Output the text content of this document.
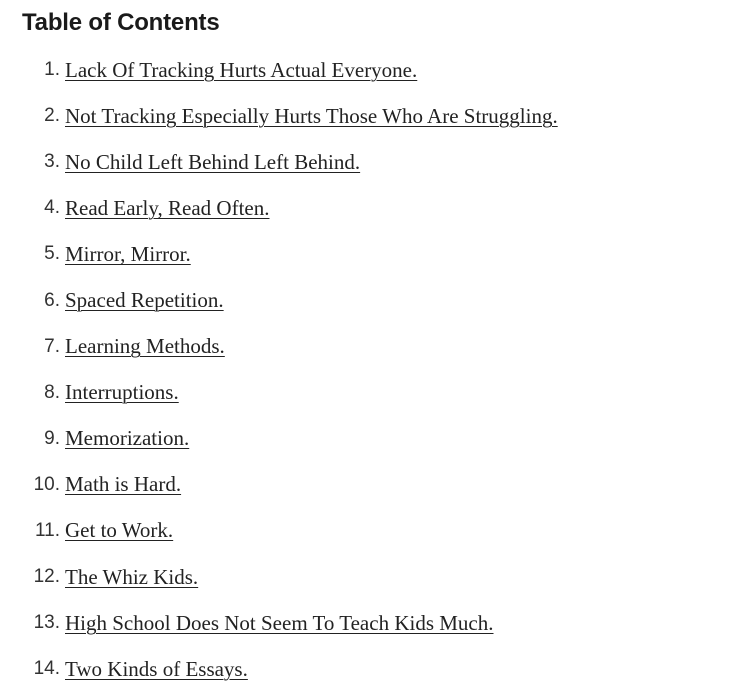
Table of Contents
1. Lack Of Tracking Hurts Actual Everyone.
2. Not Tracking Especially Hurts Those Who Are Struggling.
3. No Child Left Behind Left Behind.
4. Read Early, Read Often.
5. Mirror, Mirror.
6. Spaced Repetition.
7. Learning Methods.
8. Interruptions.
9. Memorization.
10. Math is Hard.
11. Get to Work.
12. The Whiz Kids.
13. High School Does Not Seem To Teach Kids Much.
14. Two Kinds of Essays.
